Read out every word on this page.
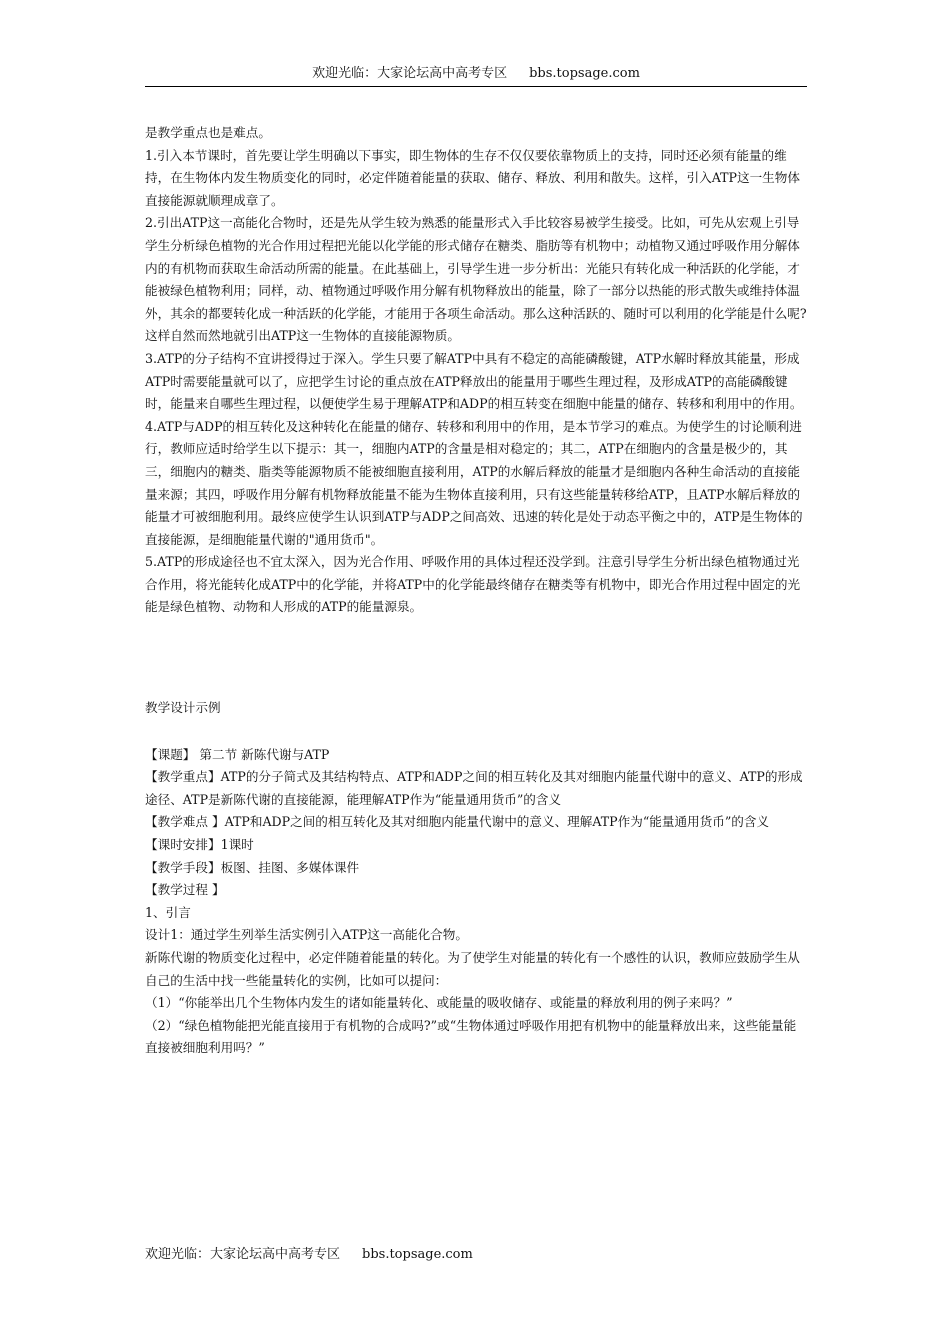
欢迎光临：大家论坛高中高考专区 bbs.topsage.com

是教学重点也是难点。

1.引入本节课时，首先要让学生明确以下事实，即生物体的生存不仅仅要依靠物质上的支持，同时还必须有能量的维持，在生物体内发生物质变化的同时，必定伴随着能量的获取、储存、释放、利用和散失。这样，引入ATP这一生物体直接能源就顺理成章了。

2.引出ATP这一高能化合物时，还是先从学生较为熟悉的能量形式入手比较容易被学生接受。比如，可先从宏观上引导学生分析绿色植物的光合作用过程把光能以化学能的形式储存在糖类、脂肪等有机物中；动植物又通过呼吸作用分解体内的有机物而获取生命活动所需的能量。在此基础上，引导学生进一步分析出：光能只有转化成一种活跃的化学能，才能被绿色植物利用；同样，动、植物通过呼吸作用分解有机物释放出的能量，除了一部分以热能的形式散失或维持体温外，其余的都要转化成一种活跃的化学能，才能用于各项生命活动。那么这种活跃的、随时可以利用的化学能是什么呢?这样自然而然地就引出ATP这一生物体的直接能源物质。

3.ATP的分子结构不宜讲授得过于深入。学生只要了解ATP中具有不稳定的高能磷酸键，ATP水解时释放其能量，形成ATP时需要能量就可以了，应把学生讨论的重点放在ATP释放出的能量用于哪些生理过程，及形成ATP的高能磷酸键时，能量来自哪些生理过程，以便使学生易于理解ATP和ADP的相互转变在细胞中能量的储存、转移和利用中的作用。

4.ATP与ADP的相互转化及这种转化在能量的储存、转移和利用中的作用，是本节学习的难点。为使学生的讨论顺利进行，教师应适时给学生以下提示：其一，细胞内ATP的含量是相对稳定的；其二，ATP在细胞内的含量是极少的，其三，细胞内的糖类、脂类等能源物质不能被细胞直接利用，ATP的水解后释放的能量才是细胞内各种生命活动的直接能量来源；其四，呼吸作用分解有机物释放能量不能为生物体直接利用，只有这些能量转移给ATP，且ATP水解后释放的能量才可被细胞利用。最终应使学生认识到ATP与ADP之间高效、迅速的转化是处于动态平衡之中的，ATP是生物体的直接能源，是细胞能量代谢的"通用货币"。

5.ATP的形成途径也不宜太深入，因为光合作用、呼吸作用的具体过程还没学到。注意引导学生分析出绿色植物通过光合作用，将光能转化成ATP中的化学能，并将ATP中的化学能最终储存在糖类等有机物中，即光合作用过程中固定的光能是绿色植物、动物和人形成的ATP的能量源泉。

教学设计示例

【课题】 第二节 新陈代谢与ATP

【教学重点】ATP的分子简式及其结构特点、ATP和ADP之间的相互转化及其对细胞内能量代谢中的意义、ATP的形成途径、ATP是新陈代谢的直接能源，能理解ATP作为“能量通用货币”的含义

【教学难点 】ATP和ADP之间的相互转化及其对细胞内能量代谢中的意义、理解ATP作为“能量通用货币”的含义

【课时安排】1课时

【教学手段】板图、挂图、多媒体课件

【教学过程 】

1、引言

设计1：通过学生列举生活实例引入ATP这一高能化合物。

新陈代谢的物质变化过程中，必定伴随着能量的转化。为了使学生对能量的转化有一个感性的认识，教师应鼓励学生从自己的生活中找一些能量转化的实例，比如可以提问：

（1）“你能举出几个生物体内发生的诸如能量转化、或能量的吸收储存、或能量的释放利用的例子来吗？”

（2）“绿色植物能把光能直接用于有机物的合成吗?”或“生物体通过呼吸作用把有机物中的能量释放出来，这些能量能直接被细胞利用吗？”

欢迎光临：大家论坛高中高考专区 bbs.topsage.com
